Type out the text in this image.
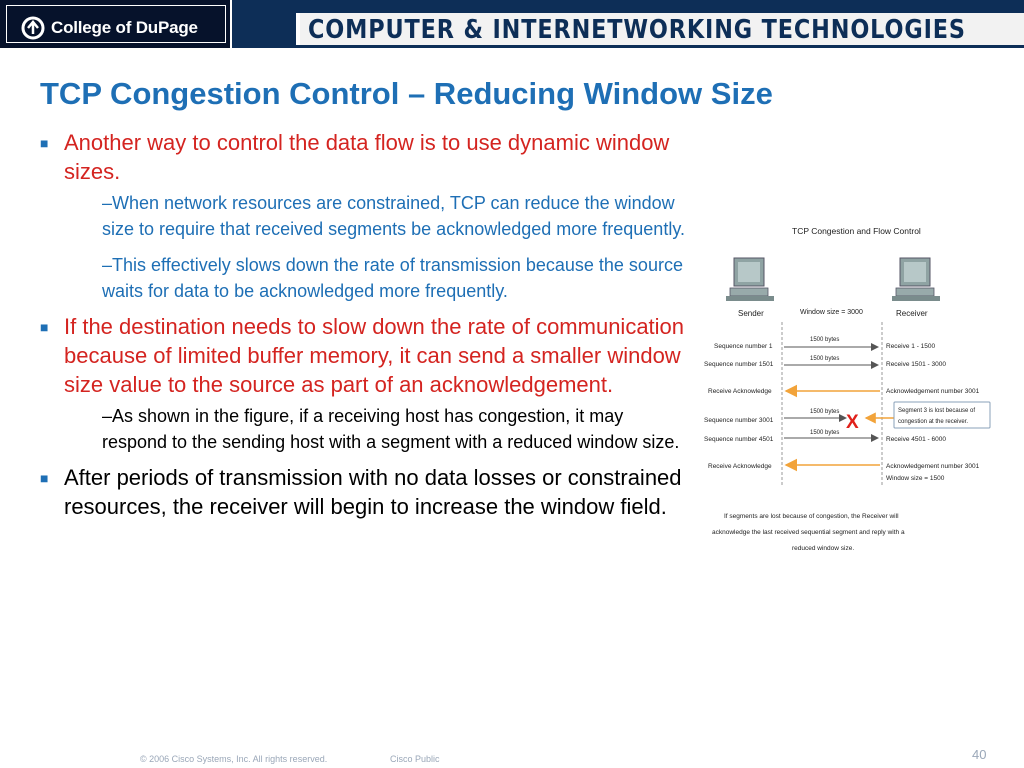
College of DuPage	COMPUTER & INTERNETWORKING TECHNOLOGIES
TCP Congestion Control – Reducing Window Size
■ Another way to control the data flow is to use dynamic window sizes.
–When network resources are constrained, TCP can reduce the window size to require that received segments be acknowledged more frequently.
–This effectively slows down the rate of transmission because the source waits for data to be acknowledged more frequently.
■ If the destination needs to slow down the rate of communication because of limited buffer memory, it can send a smaller window size value to the source as part of an acknowledgement.
–As shown in the figure, if a receiving host has congestion, it may respond to the sending host with a segment with a reduced window size.
■ After periods of transmission with no data losses or constrained resources, the receiver will begin to increase the window field.
TCP Congestion and Flow Control
Sender	Receiver
Window size = 3000
Sequence number 1
1500 bytes
Receive 1 - 1500
Sequence number 1501
1500 bytes
Receive 1501 - 3000
Receive Acknowledge	Acknowledgement number 3001
Sequence number 3001
1500 bytes X
Segment 3 is lost because of
congestion at the receiver.
Sequence number 4501
1500 bytes
Receive 4501 - 6000
Receive Acknowledge	Acknowledgement number 3001
Window size = 1500
If segments are lost because of congestion, the Receiver will
acknowledge the last received sequential segment and reply with a
reduced window size.
© 2006 Cisco Systems, Inc. All rights reserved.	Cisco Public	40
